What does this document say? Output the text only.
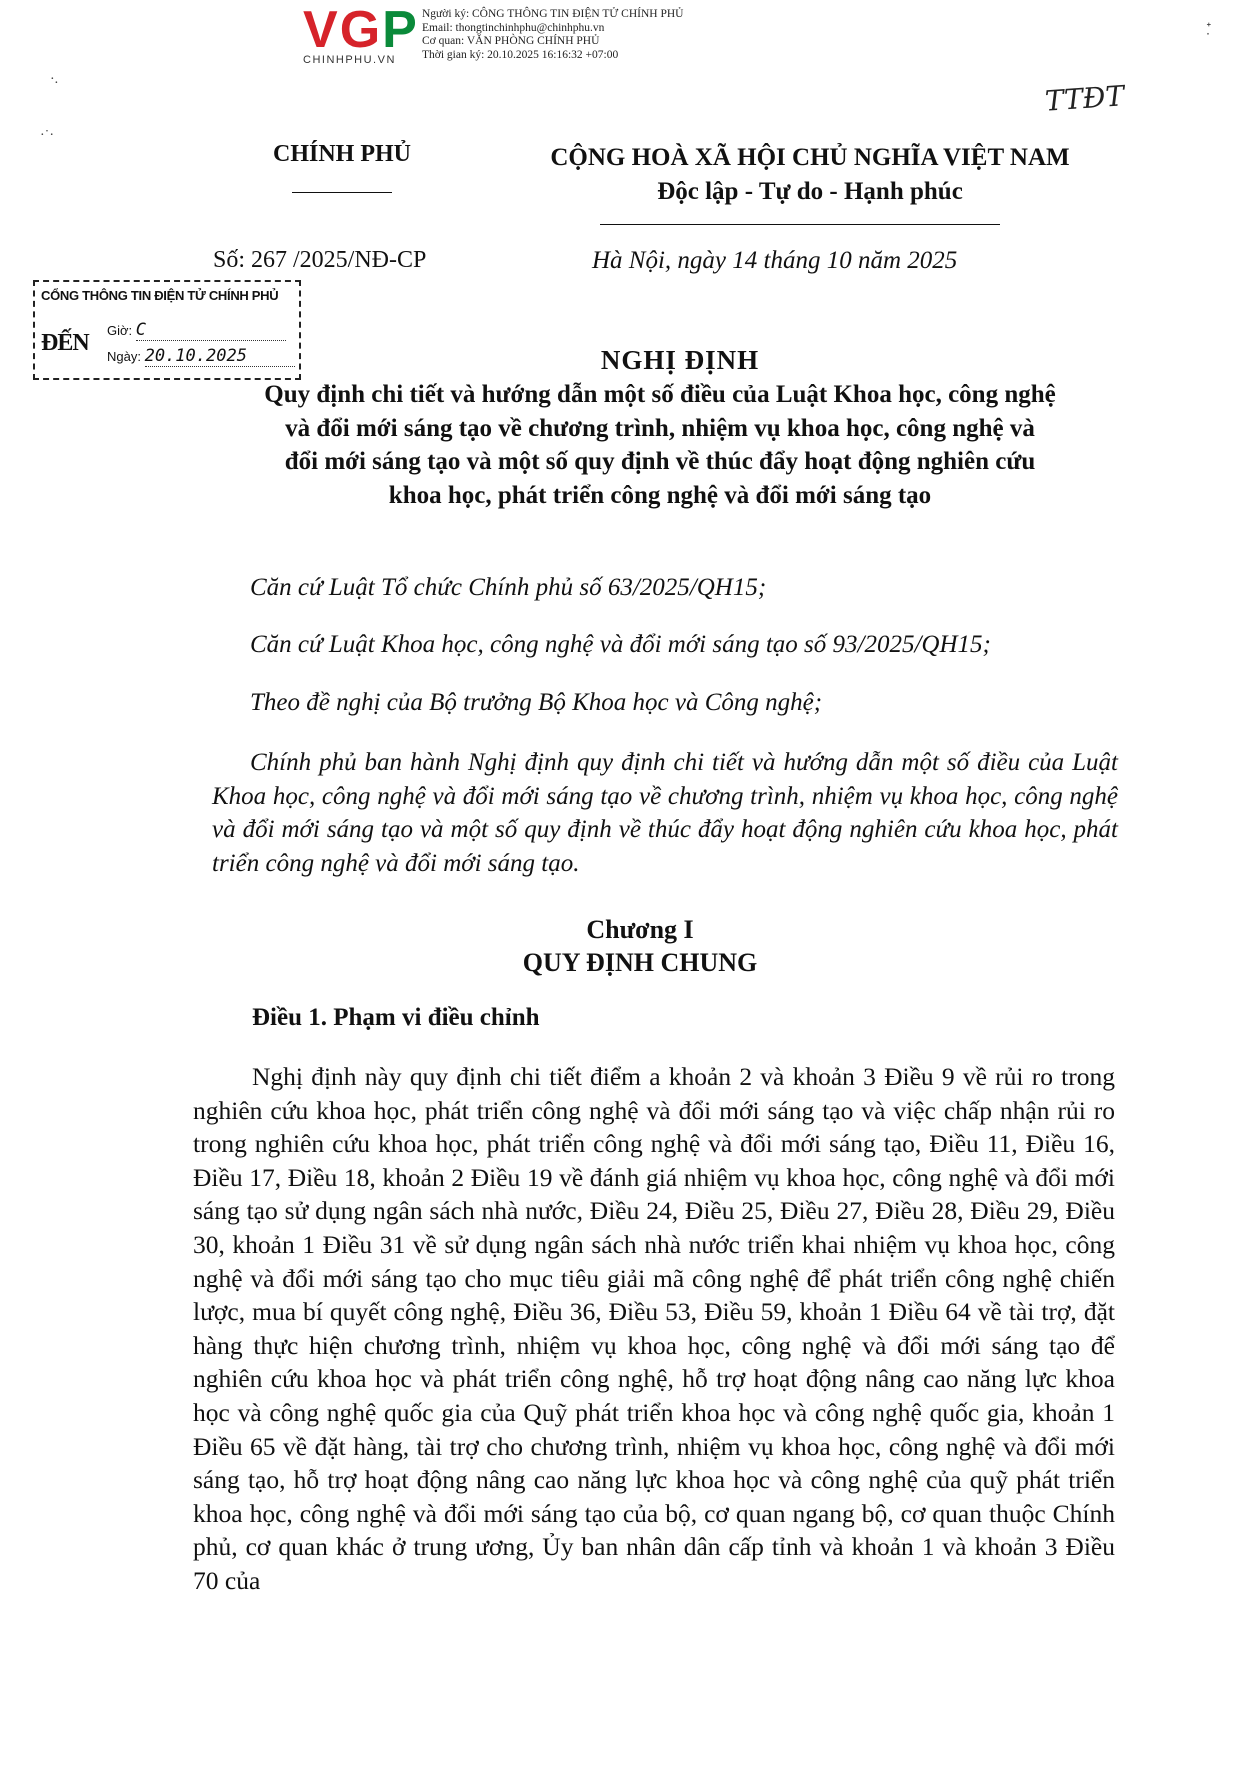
VGP
CHINHPHU.VN
Người ký: CÔNG THÔNG TIN ĐIỆN TỬ CHÍNH PHỦ
Email: thongtinchinhphu@chinhphu.vn
Cơ quan: VĂN PHÒNG CHÍNH PHỦ
Thời gian ký: 20.10.2025 16:16:32 +07:00
ᐩ̣
TTĐT
·.
·˙·
CHÍNH PHỦ	CỘNG HOÀ XÃ HỘI CHỦ NGHĨA VIỆT NAM
Độc lập - Tự do - Hạnh phúc
Số: 267 /2025/NĐ-CP	Hà Nội, ngày 14 tháng 10 năm 2025
CỔNG THÔNG TIN ĐIỆN TỬ CHÍNH PHỦ
ĐẾN Giờ: C
Ngày: 20.10.2025	NGHỊ ĐỊNH
Quy định chi tiết và hướng dẫn một số điều của Luật Khoa học, công nghệ
và đổi mới sáng tạo về chương trình, nhiệm vụ khoa học, công nghệ và
đổi mới sáng tạo và một số quy định về thúc đẩy hoạt động nghiên cứu
khoa học, phát triển công nghệ và đổi mới sáng tạo
Căn cứ Luật Tổ chức Chính phủ số 63/2025/QH15;
Căn cứ Luật Khoa học, công nghệ và đổi mới sáng tạo số 93/2025/QH15;
Theo đề nghị của Bộ trưởng Bộ Khoa học và Công nghệ;
Chính phủ ban hành Nghị định quy định chi tiết và hướng dẫn một số điều của Luật Khoa học, công nghệ và đổi mới sáng tạo về chương trình, nhiệm vụ khoa học, công nghệ và đổi mới sáng tạo và một số quy định về thúc đẩy hoạt động nghiên cứu khoa học, phát triển công nghệ và đổi mới sáng tạo.
Chương I
QUY ĐỊNH CHUNG
Điều 1. Phạm vi điều chỉnh
Nghị định này quy định chi tiết điểm a khoản 2 và khoản 3 Điều 9 về rủi ro trong nghiên cứu khoa học, phát triển công nghệ và đổi mới sáng tạo và việc chấp nhận rủi ro trong nghiên cứu khoa học, phát triển công nghệ và đổi mới sáng tạo, Điều 11, Điều 16, Điều 17, Điều 18, khoản 2 Điều 19 về đánh giá nhiệm vụ khoa học, công nghệ và đổi mới sáng tạo sử dụng ngân sách nhà nước, Điều 24, Điều 25, Điều 27, Điều 28, Điều 29, Điều 30, khoản 1 Điều 31 về sử dụng ngân sách nhà nước triển khai nhiệm vụ khoa học, công nghệ và đổi mới sáng tạo cho mục tiêu giải mã công nghệ để phát triển công nghệ chiến lược, mua bí quyết công nghệ, Điều 36, Điều 53, Điều 59, khoản 1 Điều 64 về tài trợ, đặt hàng thực hiện chương trình, nhiệm vụ khoa học, công nghệ và đổi mới sáng tạo để nghiên cứu khoa học và phát triển công nghệ, hỗ trợ hoạt động nâng cao năng lực khoa học và công nghệ quốc gia của Quỹ phát triển khoa học và công nghệ quốc gia, khoản 1 Điều 65 về đặt hàng, tài trợ cho chương trình, nhiệm vụ khoa học, công nghệ và đổi mới sáng tạo, hỗ trợ hoạt động nâng cao năng lực khoa học và công nghệ của quỹ phát triển khoa học, công nghệ và đổi mới sáng tạo của bộ, cơ quan ngang bộ, cơ quan thuộc Chính phủ, cơ quan khác ở trung ương, Ủy ban nhân dân cấp tỉnh và khoản 1 và khoản 3 Điều 70 của
